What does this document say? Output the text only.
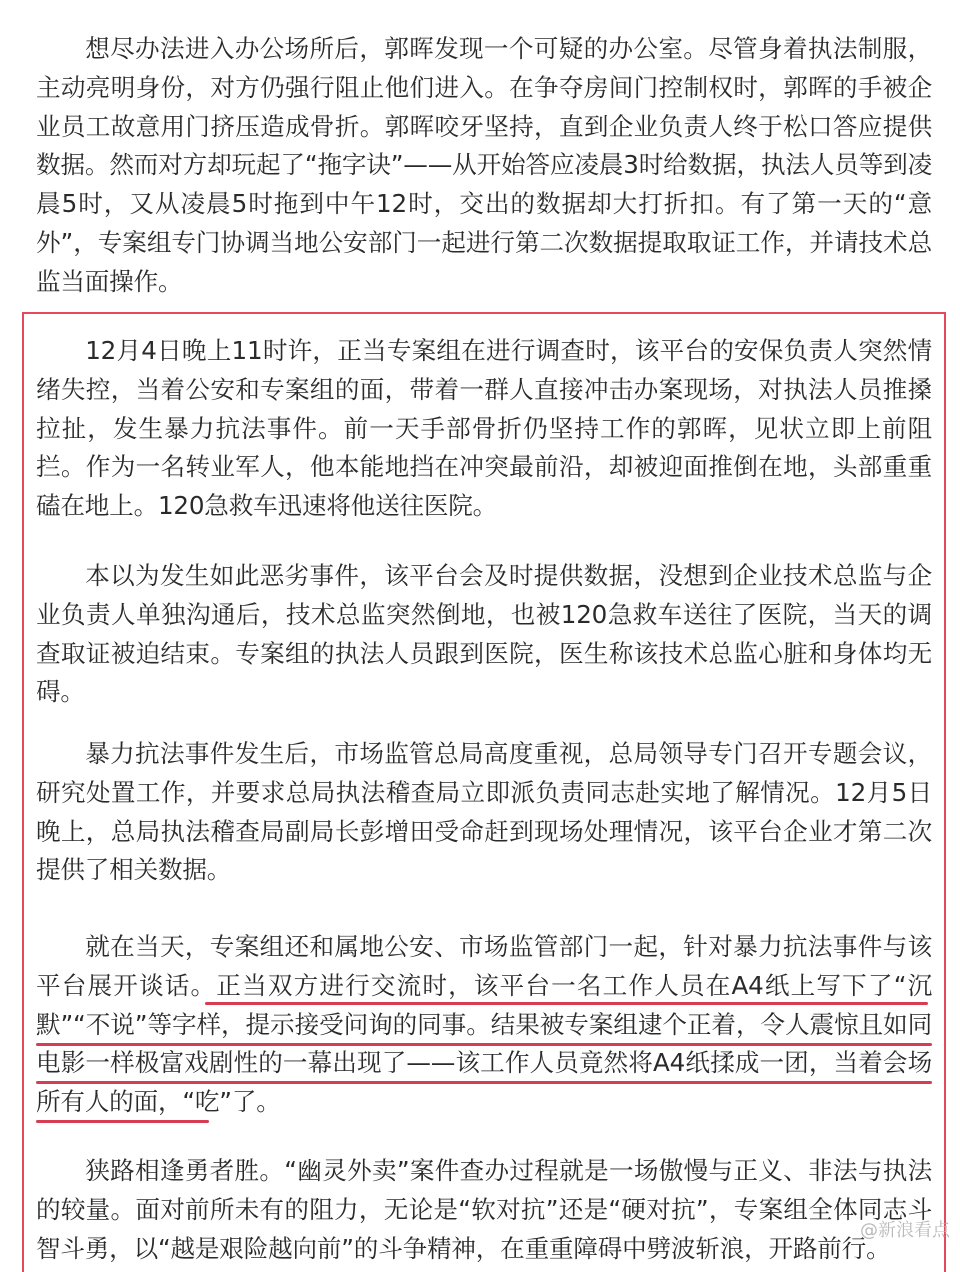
想尽办法进入办公场所后，郭晖发现一个可疑的办公室。尽管身着执法制服，主动亮明身份，对方仍强行阻止他们进入。在争夺房间门控制权时，郭晖的手被企业员工故意用门挤压造成骨折。郭晖咬牙坚持，直到企业负责人终于松口答应提供数据。然而对方却玩起了“拖字诀”——从开始答应凌晨3时给数据，执法人员等到凌晨5时，又从凌晨5时拖到中午12时，交出的数据却大打折扣。有了第一天的“意外”，专案组专门协调当地公安部门一起进行第二次数据提取取证工作，并请技术总监当面操作。

12月4日晚上11时许，正当专案组在进行调查时，该平台的安保负责人突然情绪失控，当着公安和专案组的面，带着一群人直接冲击办案现场，对执法人员推搡拉扯，发生暴力抗法事件。前一天手部骨折仍坚持工作的郭晖，见状立即上前阻拦。作为一名转业军人，他本能地挡在冲突最前沿，却被迎面推倒在地，头部重重磕在地上。120急救车迅速将他送往医院。

本以为发生如此恶劣事件，该平台会及时提供数据，没想到企业技术总监与企业负责人单独沟通后，技术总监突然倒地，也被120急救车送往了医院，当天的调查取证被迫结束。专案组的执法人员跟到医院，医生称该技术总监心脏和身体均无碍。

暴力抗法事件发生后，市场监管总局高度重视，总局领导专门召开专题会议，研究处置工作，并要求总局执法稽查局立即派负责同志赴实地了解情况。12月5日晚上，总局执法稽查局副局长彭增田受命赶到现场处理情况，该平台企业才第二次提供了相关数据。

就在当天，专案组还和属地公安、市场监管部门一起，针对暴力抗法事件与该平台展开谈话。正当双方进行交流时，该平台一名工作人员在A4纸上写下了“沉默”“不说”等字样，提示接受问询的同事。结果被专案组逮个正着，令人震惊且如同电影一样极富戏剧性的一幕出现了——该工作人员竟然将A4纸揉成一团，当着会场所有人的面，“吃”了。

狭路相逢勇者胜。“幽灵外卖”案件查办过程就是一场傲慢与正义、非法与执法的较量。面对前所未有的阻力，无论是“软对抗”还是“硬对抗”，专案组全体同志斗智斗勇，以“越是艰险越向前”的斗争精神，在重重障碍中劈波斩浪，开路前行。

@新浪看点
